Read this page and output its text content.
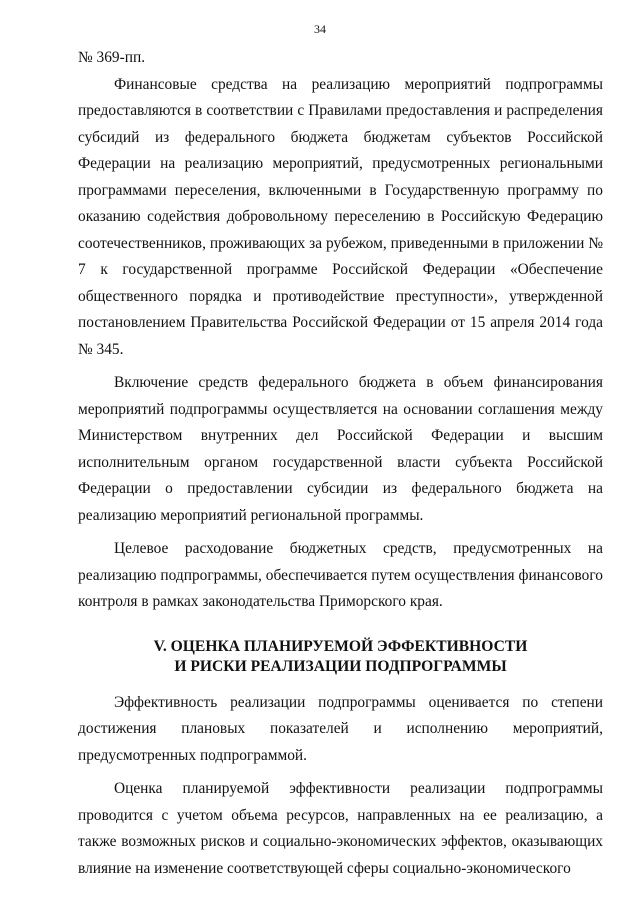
34

№ 369-пп.

Финансовые средства на реализацию мероприятий подпрограммы предоставляются в соответствии с Правилами предоставления и распределения субсидий из федерального бюджета бюджетам субъектов Российской Федерации на реализацию мероприятий, предусмотренных региональными программами переселения, включенными в Государственную программу по оказанию содействия добровольному переселению в Российскую Федерацию соотечественников, проживающих за рубежом, приведенными в приложении № 7 к государственной программе Российской Федерации «Обеспечение общественного порядка и противодействие преступности», утвержденной постановлением Правительства Российской Федерации от 15 апреля 2014 года № 345.

Включение средств федерального бюджета в объем финансирования мероприятий подпрограммы осуществляется на основании соглашения между Министерством внутренних дел Российской Федерации и высшим исполнительным органом государственной власти субъекта Российской Федерации о предоставлении субсидии из федерального бюджета на реализацию мероприятий региональной программы.

Целевое расходование бюджетных средств, предусмотренных на реализацию подпрограммы, обеспечивается путем осуществления финансового контроля в рамках законодательства Приморского края.

V. ОЦЕНКА ПЛАНИРУЕМОЙ ЭФФЕКТИВНОСТИ
И РИСКИ РЕАЛИЗАЦИИ ПОДПРОГРАММЫ

Эффективность реализации подпрограммы оценивается по степени достижения плановых показателей и исполнению мероприятий, предусмотренных подпрограммой.

Оценка планируемой эффективности реализации подпрограммы проводится с учетом объема ресурсов, направленных на ее реализацию, а также возможных рисков и социально-экономических эффектов, оказывающих влияние на изменение соответствующей сферы социально-экономического
